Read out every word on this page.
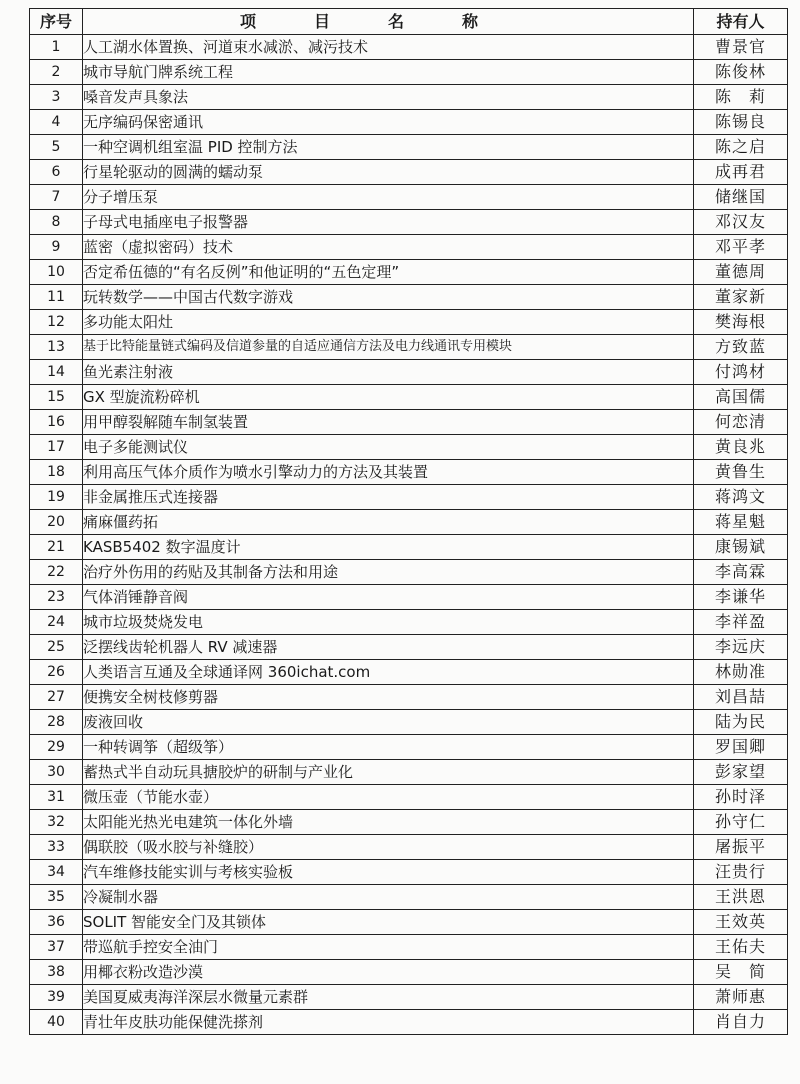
序号	项目名称	持有人
1	人工湖水体置换、河道束水减淤、减污技术	曹景官
2	城市导航门牌系统工程	陈俊林
3	嗓音发声具象法	陈　莉
4	无序编码保密通讯	陈锡良
5	一种空调机组室温 PID 控制方法	陈之启
6	行星轮驱动的圆满的蠕动泵	成再君
7	分子增压泵	储继国
8	子母式电插座电子报警器	邓汉友
9	蓝密（虚拟密码）技术	邓平孝
10	否定希伍德的“有名反例”和他证明的“五色定理”	董德周
11	玩转数学——中国古代数字游戏	董家新
12	多功能太阳灶	樊海根
13	基于比特能量链式编码及信道参量的自适应通信方法及电力线通讯专用模块	方致蓝
14	鱼光素注射液	付鸿材
15	GX 型旋流粉碎机	高国儒
16	用甲醇裂解随车制氢装置	何恋清
17	电子多能测试仪	黄良兆
18	利用高压气体介质作为喷水引擎动力的方法及其装置	黄鲁生
19	非金属推压式连接器	蒋鸿文
20	痛麻僵药拓	蒋星魁
21	KASB5402 数字温度计	康锡斌
22	治疗外伤用的药贴及其制备方法和用途	李高霖
23	气体消锤静音阀	李谦华
24	城市垃圾焚烧发电	李祥盈
25	泛摆线齿轮机器人 RV 减速器	李远庆
26	人类语言互通及全球通译网 360ichat.com	林勋准
27	便携安全树枝修剪器	刘昌喆
28	废液回收	陆为民
29	一种转调筝（超级筝）	罗国卿
30	蓄热式半自动玩具搪胶炉的研制与产业化	彭家望
31	微压壶（节能水壶）	孙时泽
32	太阳能光热光电建筑一体化外墙	孙守仁
33	偶联胶（吸水胶与补缝胶）	屠振平
34	汽车维修技能实训与考核实验板	汪贵行
35	冷凝制水器	王洪恩
36	SOLIT 智能安全门及其锁体	王效英
37	带巡航手控安全油门	王佑夫
38	用椰衣粉改造沙漠	吴　简
39	美国夏威夷海洋深层水微量元素群	萧师惠
40	青壮年皮肤功能保健洗搽剂	肖自力
